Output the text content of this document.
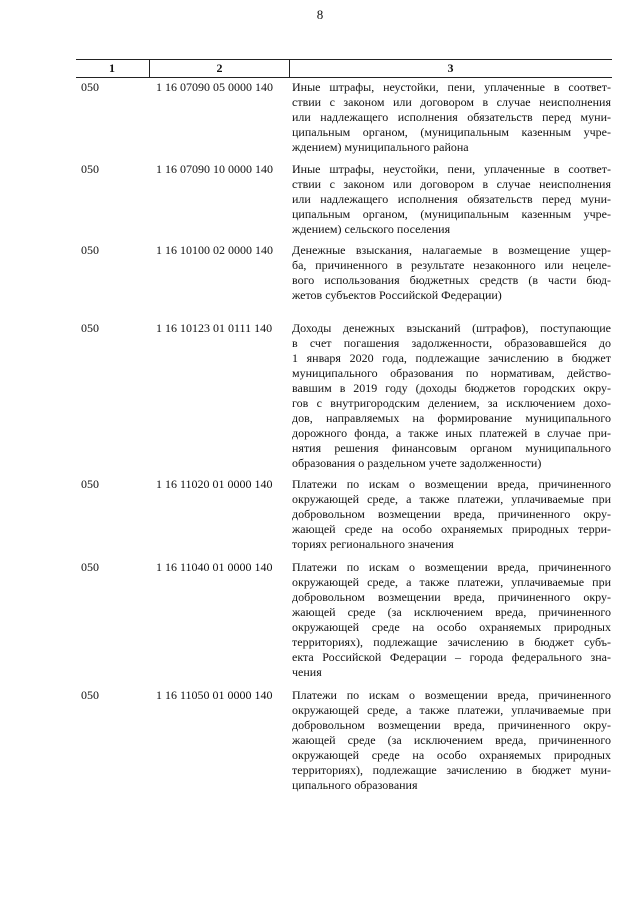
8
1	2	3
050	1 16 07090 05 0000 140 Иные штрафы, неустойки, пени, уплаченные в соответ-
ствии с законом или договором в случае неисполнения
или надлежащего исполнения обязательств перед муни-
ципальным органом, (муниципальным казенным учре-
ждением) муниципального района
050	1 16 07090 10 0000 140 Иные штрафы, неустойки, пени, уплаченные в соответ-
ствии с законом или договором в случае неисполнения
или надлежащего исполнения обязательств перед муни-
ципальным органом, (муниципальным казенным учре-
ждением) сельского поселения
050	1 16 10100 02 0000 140 Денежные взыскания, налагаемые в возмещение ущер-
ба, причиненного в результате незаконного или нецеле-
вого использования бюджетных средств (в части бюд-
жетов субъектов Российской Федерации)
050	1 16 10123 01 0111 140 Доходы денежных взысканий (штрафов), поступающие
в счет погашения задолженности, образовавшейся до
1 января 2020 года, подлежащие зачислению в бюджет
муниципального образования по нормативам, действо-
вавшим в 2019 году (доходы бюджетов городских окру-
гов с внутригородским делением, за исключением дохо-
дов, направляемых на формирование муниципального
дорожного фонда, а также иных платежей в случае при-
нятия решения финансовым органом муниципального
образования о раздельном учете задолженности)
050	1 16 11020 01 0000 140 Платежи по искам о возмещении вреда, причиненного
окружающей среде, а также платежи, уплачиваемые при
добровольном возмещении вреда, причиненного окру-
жающей среде на особо охраняемых природных терри-
ториях регионального значения
050	1 16 11040 01 0000 140 Платежи по искам о возмещении вреда, причиненного
окружающей среде, а также платежи, уплачиваемые при
добровольном возмещении вреда, причиненного окру-
жающей среде (за исключением вреда, причиненного
окружающей среде на особо охраняемых природных
территориях), подлежащие зачислению в бюджет субъ-
екта Российской Федерации – города федерального зна-
чения
050	1 16 11050 01 0000 140 Платежи по искам о возмещении вреда, причиненного
окружающей среде, а также платежи, уплачиваемые при
добровольном возмещении вреда, причиненного окру-
жающей среде (за исключением вреда, причиненного
окружающей среде на особо охраняемых природных
территориях), подлежащие зачислению в бюджет муни-
ципального образования
